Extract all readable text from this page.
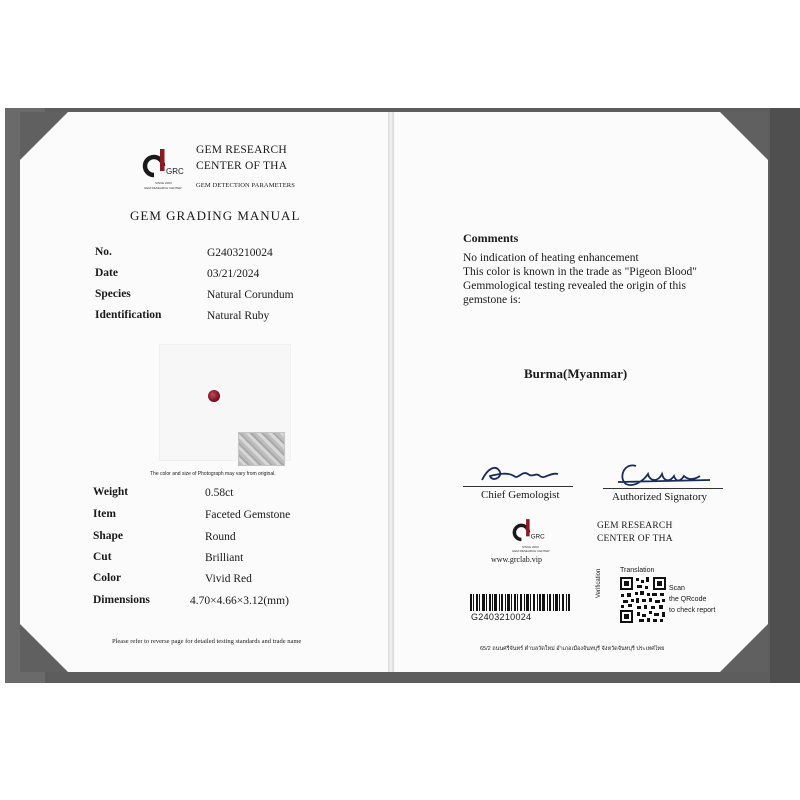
GRC
SINCE 2003
GEM RESEARCH CENTER
GEM RESEARCH
CENTER OF THA
GEM DETECTION PARAMETERS
GEM GRADING MANUAL
No.	G2403210024
Date	03/21/2024
Species	Natural Corundum
Identification	Natural Ruby
The color and size of Photograph may vary from original.
Weight	0.58ct
Item	Faceted Gemstone
Shape	Round
Cut	Brilliant
Color	Vivid Red
Dimensions	4.70×4.66×3.12(mm)
Please refer to reverse page for detailed testing standards and trade name
Comments
No indication of heating enhancement
This color is known in the trade as "Pigeon Blood"
Gemmological testing revealed the origin of this
gemstone is:
Burma(Myanmar)
Chief Gemologist	Authorized Signatory
GRC
SINCE 2003
GEM RESEARCH CENTER
www.grclab.vip
GEM RESEARCH
CENTER OF THA
Translation
Verification	Scan
the QRcode
to check report
G2403210024
65/2 ถนนศรีจันทร์ ตำบลวัดใหม่ อำเภอเมืองจันทบุรี จังหวัดจันทบุรี ประเทศไทย
